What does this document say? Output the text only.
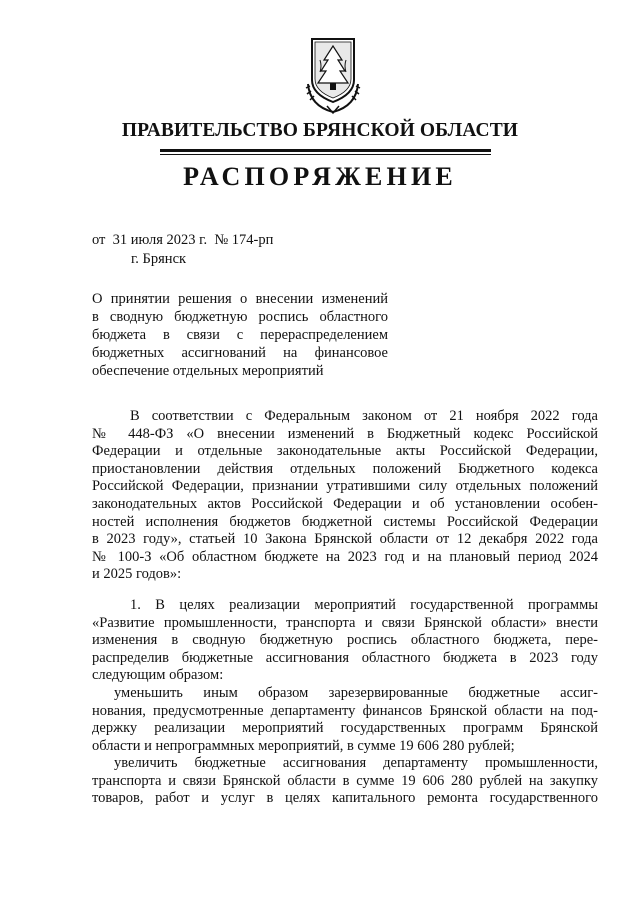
ПРАВИТЕЛЬСТВО БРЯНСКОЙ ОБЛАСТИ
РАСПОРЯЖЕНИЕ
от  31 июля 2023 г.  № 174-рп
г. Брянск
О принятии решения о внесении изменений
в сводную бюджетную роспись областного
бюджета в связи с перераспределением
бюджетных ассигнований на финансовое
обеспечение отдельных мероприятий
В соответствии с Федеральным законом от 21 ноября 2022 года
№ 448-ФЗ «О внесении изменений в Бюджетный кодекс Российской
Федерации и отдельные законодательные акты Российской Федерации,
приостановлении действия отдельных положений Бюджетного кодекса
Российской Федерации, признании утратившими силу отдельных положений
законодательных актов Российской Федерации и об установлении особен-
ностей исполнения бюджетов бюджетной системы Российской Федерации
в 2023 году», статьей 10 Закона Брянской области от 12 декабря 2022 года
№ 100-З «Об областном бюджете на 2023 год и на плановый период 2024
и 2025 годов»:
1. В целях реализации мероприятий государственной программы
«Развитие промышленности, транспорта и связи Брянской области» внести
изменения в сводную бюджетную роспись областного бюджета, пере-
распределив бюджетные ассигнования областного бюджета в 2023 году
следующим образом:
уменьшить иным образом зарезервированные бюджетные ассиг-
нования, предусмотренные департаменту финансов Брянской области на под-
держку реализации мероприятий государственных программ Брянской
области и непрограммных мероприятий, в сумме 19 606 280 рублей;
увеличить бюджетные ассигнования департаменту промышленности,
транспорта и связи Брянской области в сумме 19 606 280 рублей на закупку
товаров, работ и услуг в целях капитального ремонта государственного
